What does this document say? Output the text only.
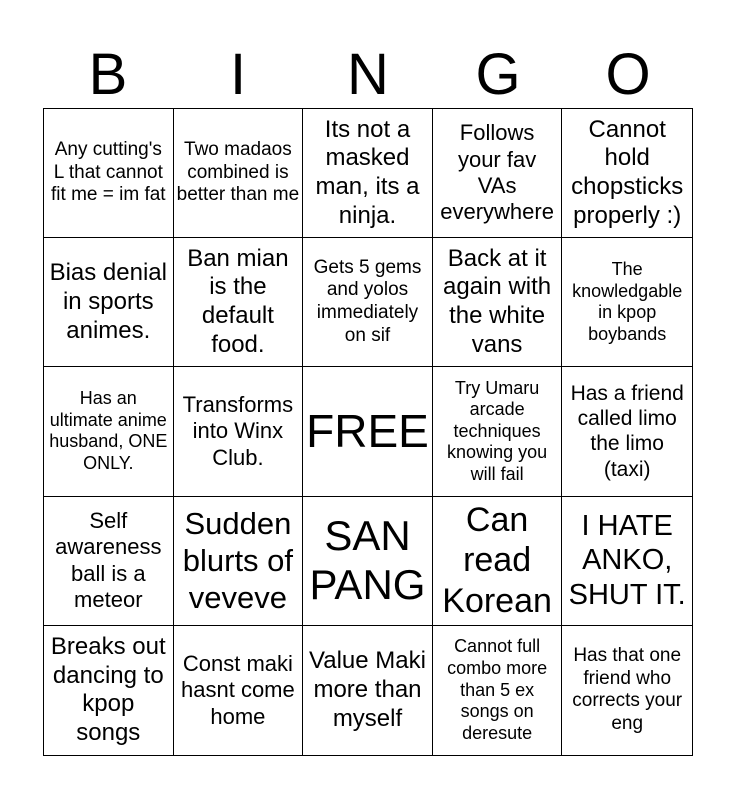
B	I	N	G	O
Any cutting's L that cannot fit me = im fat
Two madaos combined is better than me
Its not a masked man, its a ninja.
Follows your fav VAs everywhere
Cannot hold chopsticks properly :)
Bias denial in sports animes.
Ban mian is the default food.
Gets 5 gems and yolos immediately on sif
Back at it again with the white vans
The knowledgable in kpop boybands
Has an ultimate anime husband, ONE ONLY.
Transforms into Winx Club.
FREE
Try Umaru arcade techniques knowing you will fail
Has a friend called limo the limo (taxi)
Self awareness ball is a meteor
Sudden blurts of veveve
SAN PANG
Can read Korean
I HATE ANKO, SHUT IT.
Breaks out dancing to kpop songs
Const maki hasnt come home
Value Maki more than myself
Cannot full combo more than 5 ex songs on deresute
Has that one friend who corrects your eng
